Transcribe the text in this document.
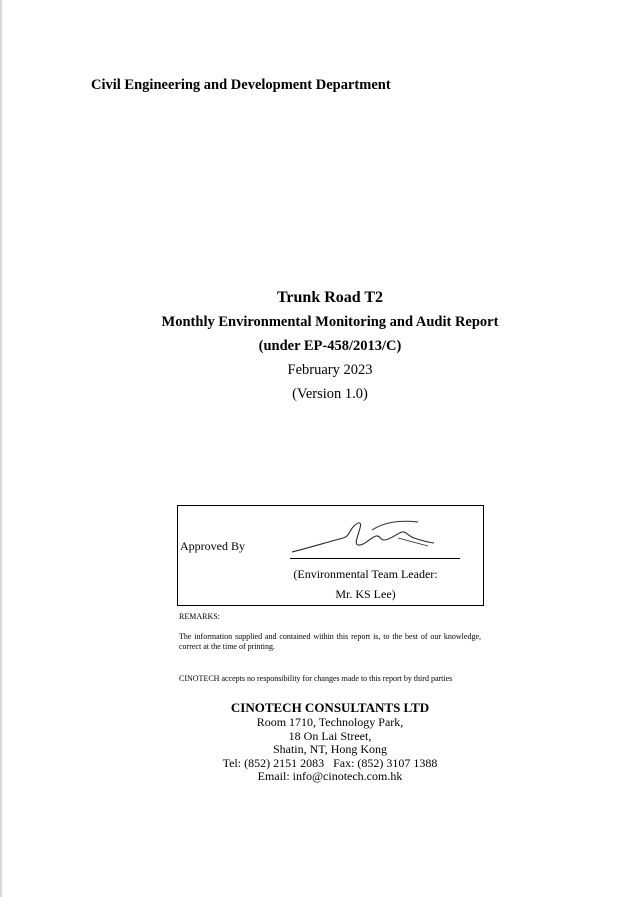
Civil Engineering and Development Department
Trunk Road T2
Monthly Environmental Monitoring and Audit Report
(under EP-458/2013/C)
February 2023
(Version 1.0)
Approved By
(Environmental Team Leader:
Mr. KS Lee)
REMARKS:
The information supplied and contained within this report is, to the best of our knowledge, correct at the time of printing.
CINOTECH accepts no responsibility for changes made to this report by third parties
CINOTECH CONSULTANTS LTD
Room 1710, Technology Park,
18 On Lai Street,
Shatin, NT, Hong Kong
Tel: (852) 2151 2083   Fax: (852) 3107 1388
Email: info@cinotech.com.hk
